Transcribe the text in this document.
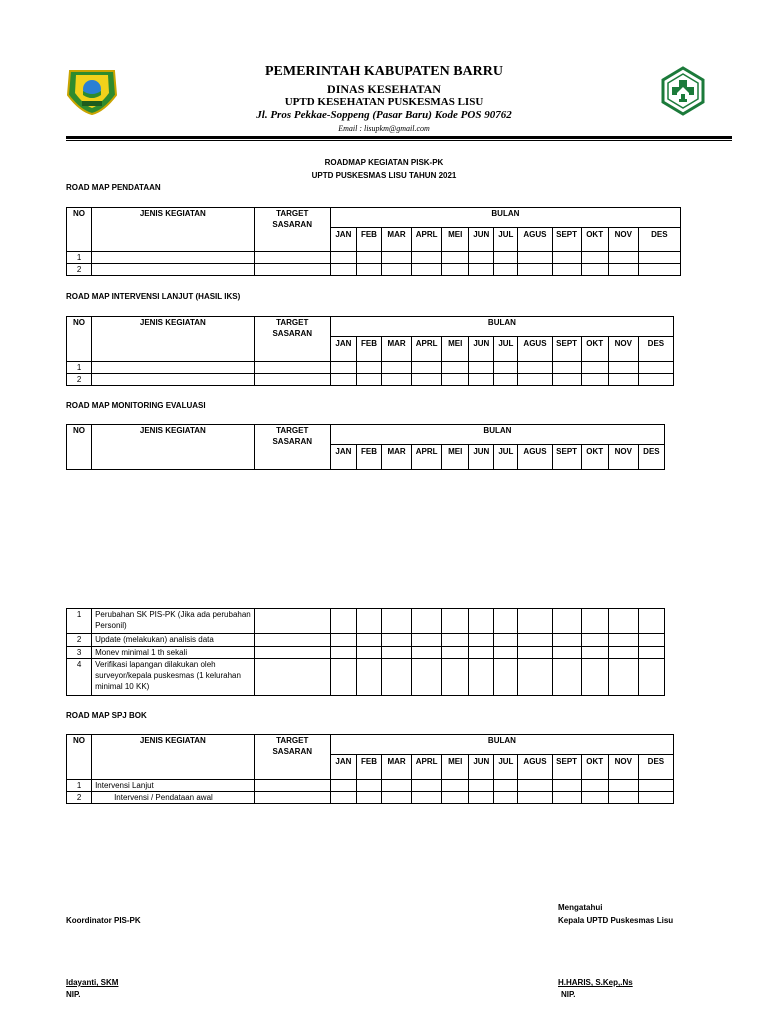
PEMERINTAH KABUPATEN BARRU
DINAS KESEHATAN
UPTD KESEHATAN PUSKESMAS LISU
Jl. Pros Pekkae-Soppeng (Pasar Baru) Kode POS 90762
Email : lisupkm@gmail.com
ROADMAP KEGIATAN PISK-PK
UPTD PUSKESMAS LISU TAHUN 2021
ROAD MAP PENDATAAN
NO	JENIS KEGIATAN	TARGET SASARAN	BULAN											
			JAN	FEB	MAR	APRL	MEI	JUN	JUL	AGUS	SEPT	OKT	NOV	DES
1														
2														
ROAD MAP INTERVENSI LANJUT (HASIL IKS)
NO	JENIS KEGIATAN	TARGET SASARAN	BULAN											
			JAN	FEB	MAR	APRL	MEI	JUN	JUL	AGUS	SEPT	OKT	NOV	DES
1														
2														
ROAD MAP MONITORING EVALUASI
NO	JENIS KEGIATAN	TARGET SASARAN	BULAN											
			JAN	FEB	MAR	APRL	MEI	JUN	JUL	AGUS	SEPT	OKT	NOV	DES
1	Perubahan SK PIS-PK (Jika ada perubahan Personil)													
2	Update (melakukan) analisis data													
3	Monev minimal 1 th sekali													
4	Verifikasi lapangan dilakukan oleh surveyor/kepala puskesmas (1 kelurahan minimal 10 KK)													
ROAD MAP SPJ BOK
NO	JENIS KEGIATAN	TARGET SASARAN	BULAN											
			JAN	FEB	MAR	APRL	MEI	JUN	JUL	AGUS	SEPT	OKT	NOV	DES
1	Intervensi Lanjut													
2	Intervensi / Pendataan awal													
Mengatahui
Koordinator PIS-PK	Kepala UPTD Puskesmas Lisu
Idayanti, SKM	H.HARIS, S.Kep,.Ns
NIP.	NIP.
